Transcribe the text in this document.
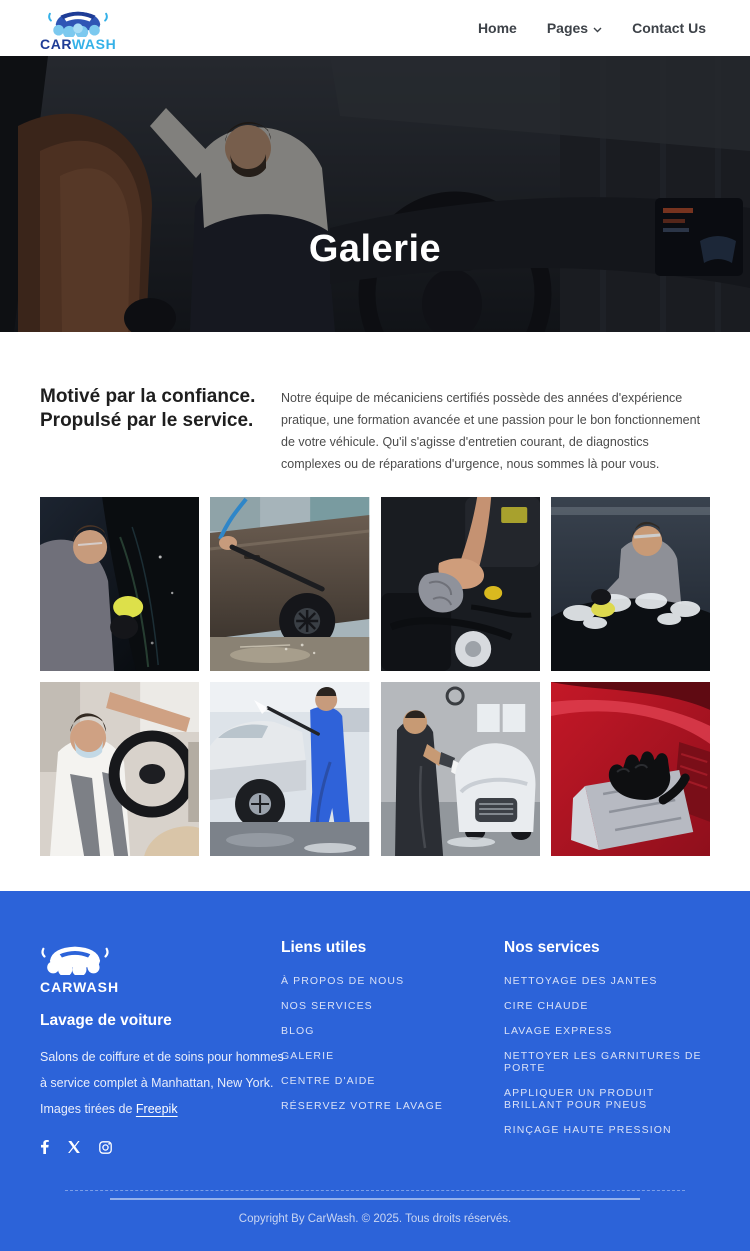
CARWASH
Home Pages	Contact Us
Galerie
Motivé par la confiance.
Propulsé par le service.

Notre équipe de mécaniciens certifiés possède des années d'expérience pratique, une formation avancée et une passion pour le bon fonctionnement de votre véhicule. Qu'il s'agisse d'entretien courant, de diagnostics complexes ou de réparations d'urgence, nous sommes là pour vous.

CARWASH
Lavage de voiture

Salons de coiffure et de soins pour hommes à service complet à Manhattan, New York. Images tirées de Freepik

Liens utiles
À PROPOS DE NOUS
NOS SERVICES
BLOG
GALERIE
CENTRE D'AIDE
RÉSERVEZ VOTRE LAVAGE
Nos services
NETTOYAGE DES JANTES
CIRE CHAUDE
LAVAGE EXPRESS
NETTOYER LES GARNITURES DE PORTE
APPLIQUER UN PRODUIT BRILLANT POUR PNEUS
RINÇAGE HAUTE PRESSION

Copyright By CarWash. © 2025. Tous droits réservés.
